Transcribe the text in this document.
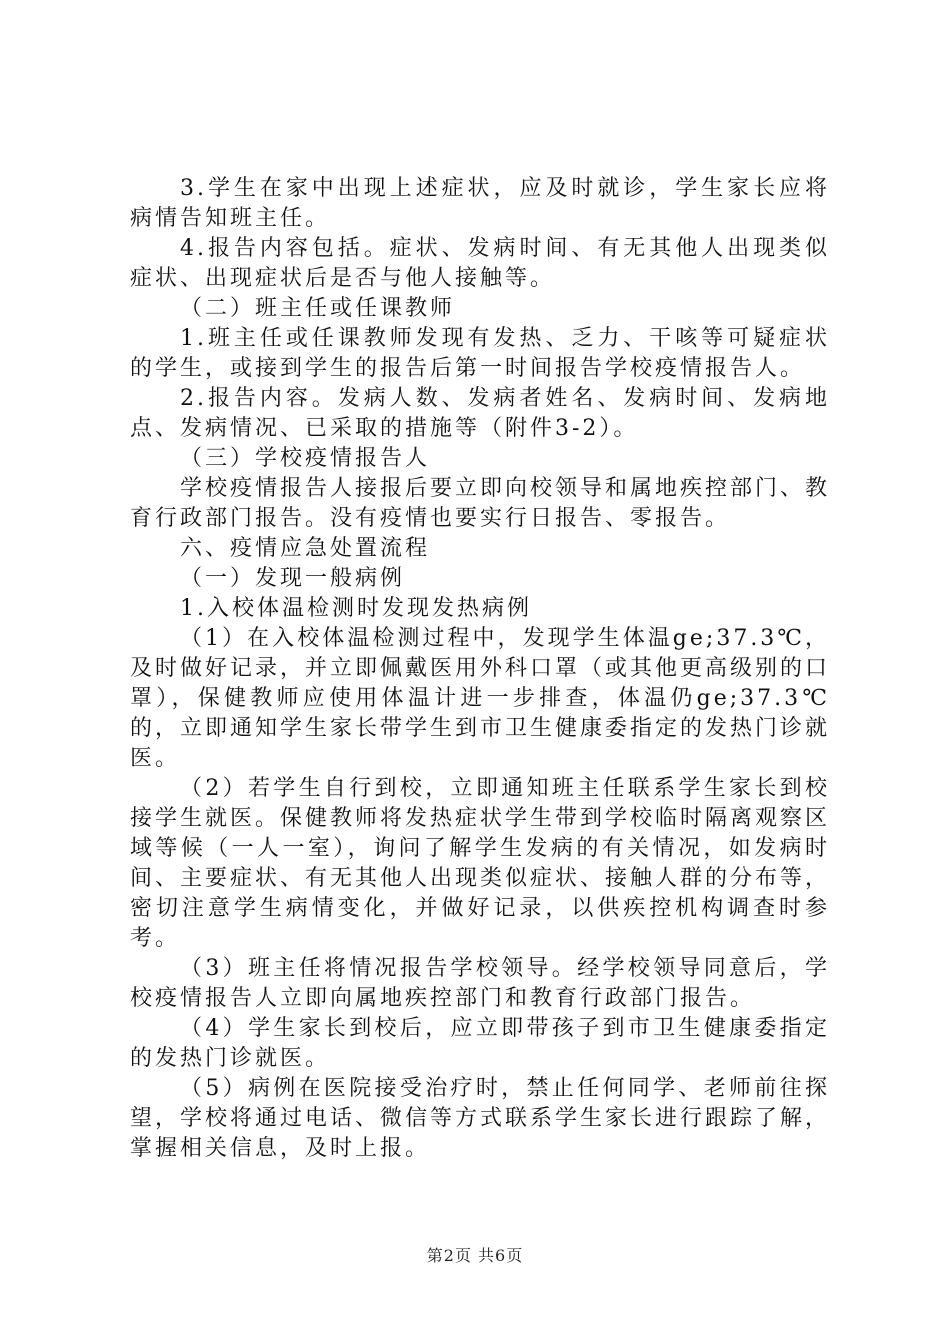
3.学生在家中出现上述症状，应及时就诊，学生家长应将病情告知班主任。

4.报告内容包括。症状、发病时间、有无其他人出现类似症状、出现症状后是否与他人接触等。

（二）班主任或任课教师

1.班主任或任课教师发现有发热、乏力、干咳等可疑症状的学生，或接到学生的报告后第一时间报告学校疫情报告人。

2.报告内容。发病人数、发病者姓名、发病时间、发病地点、发病情况、已采取的措施等（附件3-2）。

（三）学校疫情报告人

学校疫情报告人接报后要立即向校领导和属地疾控部门、教育行政部门报告。没有疫情也要实行日报告、零报告。

六、疫情应急处置流程

（一）发现一般病例

1.入校体温检测时发现发热病例

（1）在入校体温检测过程中，发现学生体温ge;37.3℃，及时做好记录，并立即佩戴医用外科口罩（或其他更高级别的口罩），保健教师应使用体温计进一步排查，体温仍ge;37.3℃的，立即通知学生家长带学生到市卫生健康委指定的发热门诊就医。

（2）若学生自行到校，立即通知班主任联系学生家长到校接学生就医。保健教师将发热症状学生带到学校临时隔离观察区域等候（一人一室），询问了解学生发病的有关情况，如发病时间、主要症状、有无其他人出现类似症状、接触人群的分布等，密切注意学生病情变化，并做好记录，以供疾控机构调查时参考。

（3）班主任将情况报告学校领导。经学校领导同意后，学校疫情报告人立即向属地疾控部门和教育行政部门报告。

（4）学生家长到校后，应立即带孩子到市卫生健康委指定的发热门诊就医。

（5）病例在医院接受治疗时，禁止任何同学、老师前往探望，学校将通过电话、微信等方式联系学生家长进行跟踪了解，掌握相关信息，及时上报。

第2页 共6页
